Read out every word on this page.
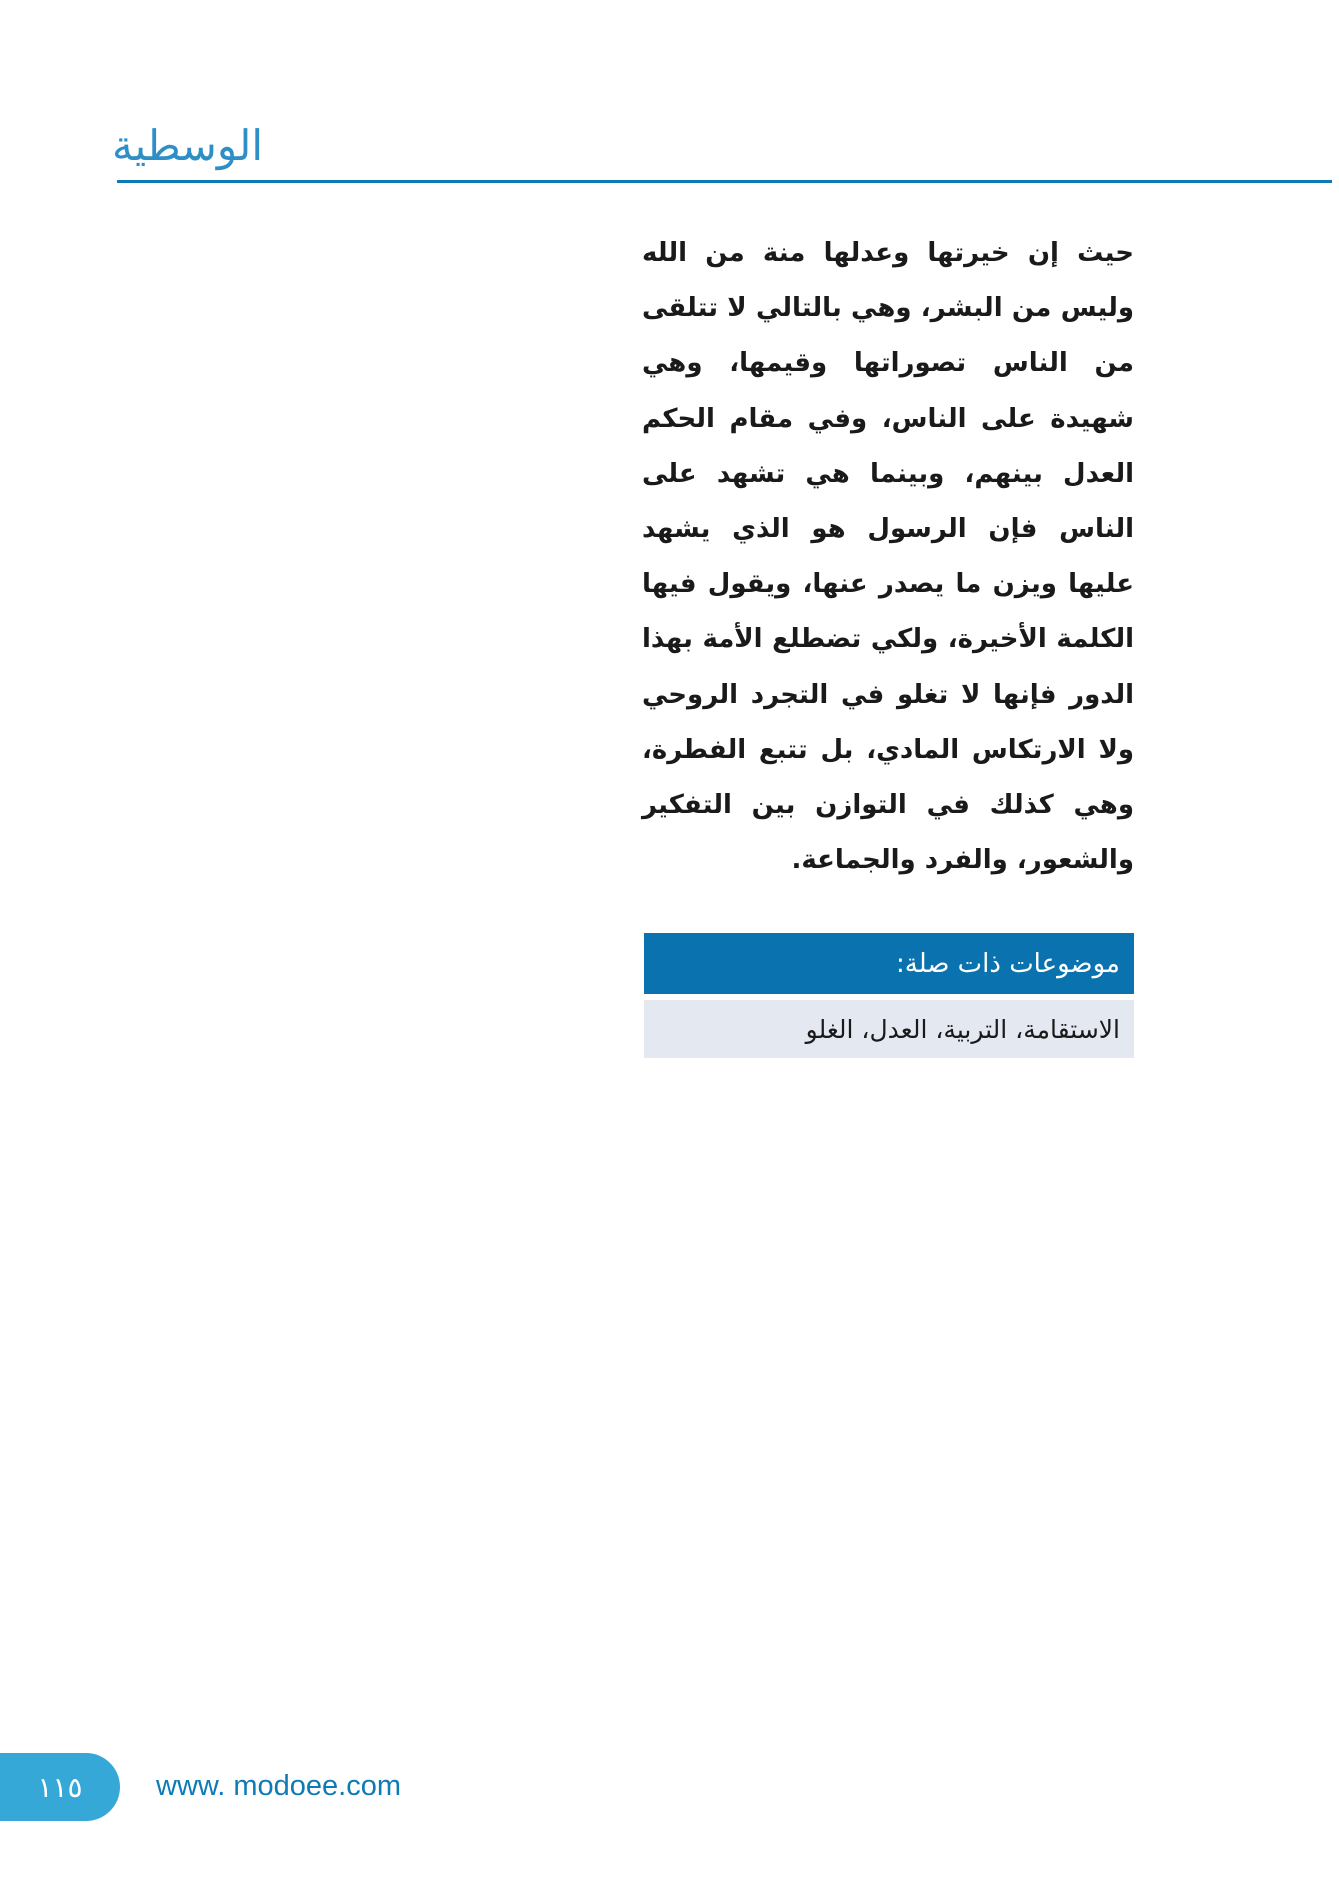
الوسطية

حيث إن خيرتها وعدلها منة من الله وليس من البشر، وهي بالتالي لا تتلقى من الناس تصوراتها وقيمها، وهي شهيدة على الناس، وفي مقام الحكم العدل بينهم، وبينما هي تشهد على الناس فإن الرسول هو الذي يشهد عليها ويزن ما يصدر عنها، ويقول فيها الكلمة الأخيرة، ولكي تضطلع الأمة بهذا الدور فإنها لا تغلو في التجرد الروحي ولا الارتكاس المادي، بل تتبع الفطرة، وهي كذلك في التوازن بين التفكير والشعور، والفرد والجماعة.

موضوعات ذات صلة:
الاستقامة، التربية، العدل، الغلو
١١٥	www. modoee.com
